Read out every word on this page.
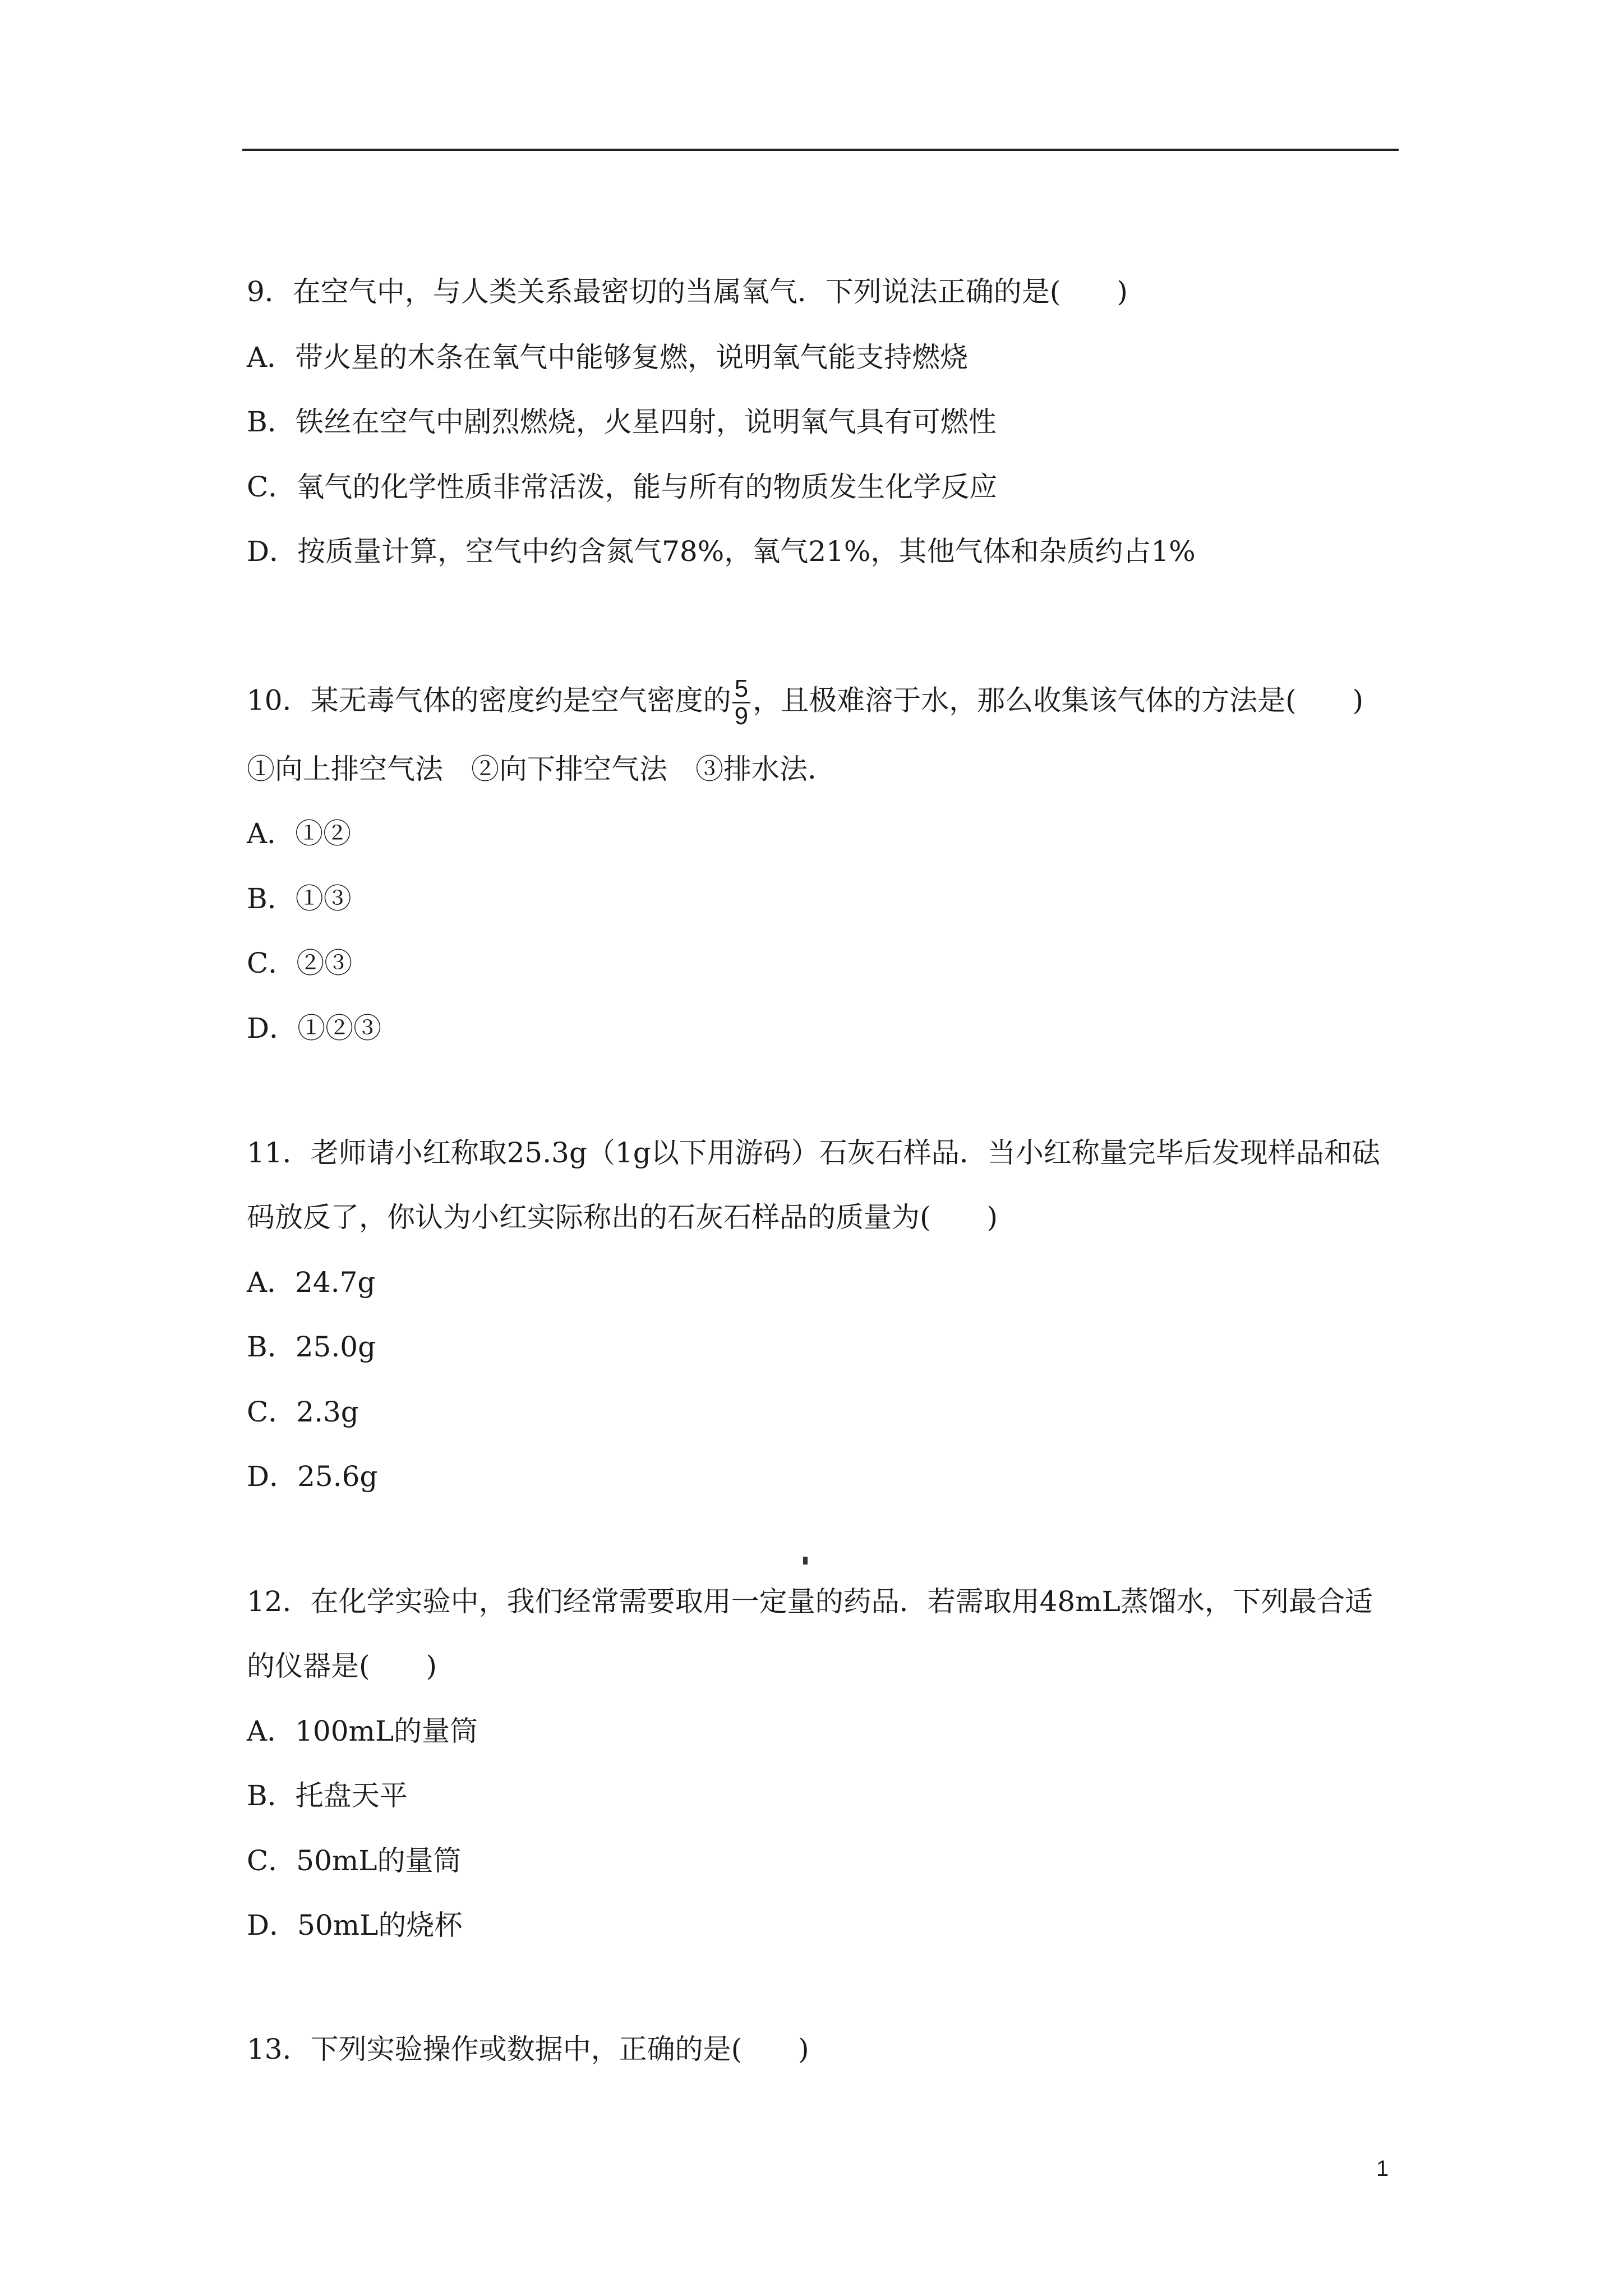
9．在空气中，与人类关系最密切的当属氧气．下列说法正确的是(　　)
A．带火星的木条在氧气中能够复燃，说明氧气能支持燃烧
B．铁丝在空气中剧烈燃烧，火星四射，说明氧气具有可燃性
C．氧气的化学性质非常活泼，能与所有的物质发生化学反应
D．按质量计算，空气中约含氮气78%，氧气21%，其他气体和杂质约占1%
10．某无毒气体的密度约是空气密度的 $\frac{5}{9}$ ，且极难溶于水，那么收集该气体的方法是(　　)
①向上排空气法　②向下排空气法　③排水法．
A．①②
B．①③
C．②③
D．①②③
11．老师请小红称取25.3g（1g以下用游码）石灰石样品．当小红称量完毕后发现样品和砝
码放反了，你认为小红实际称出的石灰石样品的质量为(　　)
A．24.7g
B．25.0g
C．2.3g
D．25.6g
12．在化学实验中，我们经常需要取用一定量的药品．若需取用48mL蒸馏水，下列最合适
的仪器是(　　)
A．100mL的量筒
B．托盘天平
C．50mL的量筒
D．50mL的烧杯
13．下列实验操作或数据中，正确的是(　　)
1
